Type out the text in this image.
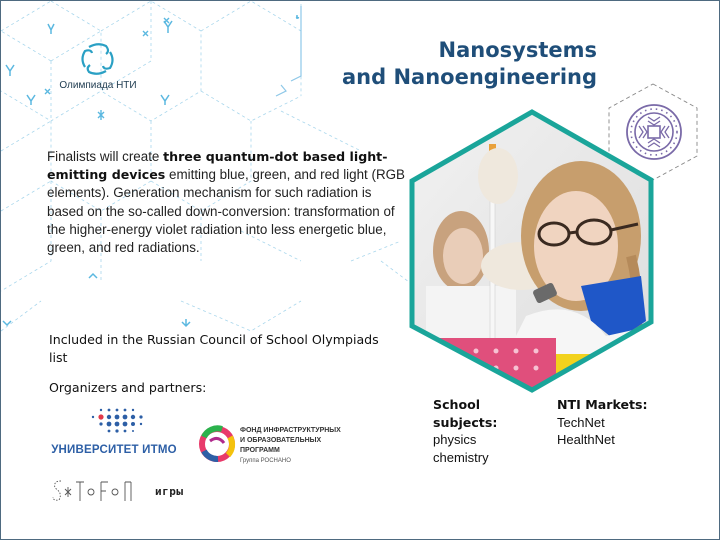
Олимпиада НТИ
Nanosystems
and Nanoengineering
Finalists will create three quantum-dot based light-emitting devices emitting blue, green, and red light (RGB elements). Generation mechanism for such radiation is based on the so-called down-conversion: transformation of the higher-energy violet radiation into less energetic blue, green, and red radiations.
Included in the Russian Council of School Olympiads list
Organizers and partners:
УНИВЕРСИТЕТ ИТМО
ФОНД ИНФРАСТРУКТУРНЫХ
И ОБРАЗОВАТЕЛЬНЫХ
ПРОГРАММ
Группа РОСНАНО
игры
School
subjects:
physics
chemistry
NTI Markets:
TechNet
HealthNet
